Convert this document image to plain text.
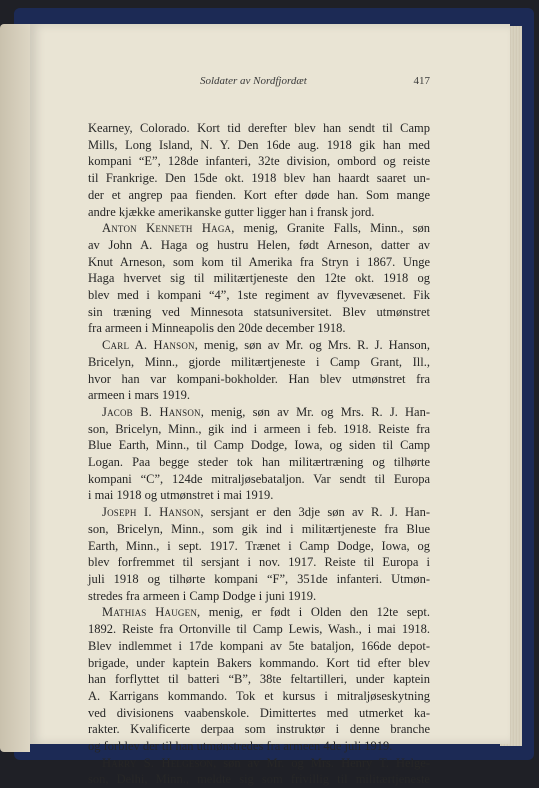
Soldater av Nordfjordæt	417
Kearney, Colorado. Kort tid derefter blev han sendt til Camp
Mills, Long Island, N. Y. Den 16de aug. 1918 gik han med
kompani “E”, 128de infanteri, 32te division, ombord og reiste
til Frankrige. Den 15de okt. 1918 blev han haardt saaret un-
der et angrep paa fienden. Kort efter døde han. Som mange
andre kjække amerikanske gutter ligger han i fransk jord.
Anton Kenneth Haga, menig, Granite Falls, Minn., søn
av John A. Haga og hustru Helen, født Arneson, datter av
Knut Arneson, som kom til Amerika fra Stryn i 1867. Unge
Haga hvervet sig til militærtjeneste den 12te okt. 1918 og
blev med i kompani “4”, 1ste regiment av flyvevæsenet. Fik
sin træning ved Minnesota statsuniversitet. Blev utmønstret
fra armeen i Minneapolis den 20de december 1918.
Carl A. Hanson, menig, søn av Mr. og Mrs. R. J. Hanson,
Bricelyn, Minn., gjorde militærtjeneste i Camp Grant, Ill.,
hvor han var kompani-bokholder. Han blev utmønstret fra
armeen i mars 1919.
Jacob B. Hanson, menig, søn av Mr. og Mrs. R. J. Han-
son, Bricelyn, Minn., gik ind i armeen i feb. 1918. Reiste fra
Blue Earth, Minn., til Camp Dodge, Iowa, og siden til Camp
Logan. Paa begge steder tok han militærtræning og tilhørte
kompani “C”, 124de mitraljøsebataljon. Var sendt til Europa
i mai 1918 og utmønstret i mai 1919.
Joseph I. Hanson, sersjant er den 3dje søn av R. J. Han-
son, Bricelyn, Minn., som gik ind i militærtjeneste fra Blue
Earth, Minn., i sept. 1917. Trænet i Camp Dodge, Iowa, og
blev forfremmet til sersjant i nov. 1917. Reiste til Europa i
juli 1918 og tilhørte kompani “F”, 351de infanteri. Utmøn-
stredes fra armeen i Camp Dodge i juni 1919.
Mathias Haugen, menig, er født i Olden den 12te sept.
1892. Reiste fra Ortonville til Camp Lewis, Wash., i mai 1918.
Blev indlemmet i 17de kompani av 5te bataljon, 166de depot-
brigade, under kaptein Bakers kommando. Kort tid efter blev
han forflyttet til batteri “B”, 38te feltartilleri, under kaptein
A. Karrigans kommando. Tok et kursus i mitraljøseskytning
ved divisionens vaabenskole. Dimittertes med utmerket ka-
rakter. Kvalificerte derpaa som instruktør i denne branche
og forblev der til han utmønstredes fra armeen 4de juli 1919.
Harry S. Helgeson, søn av Mr. og Mrs. Henry T. Helge-
son, Delhi, Minn., meldte sig som frivillig til militærtjeneste
